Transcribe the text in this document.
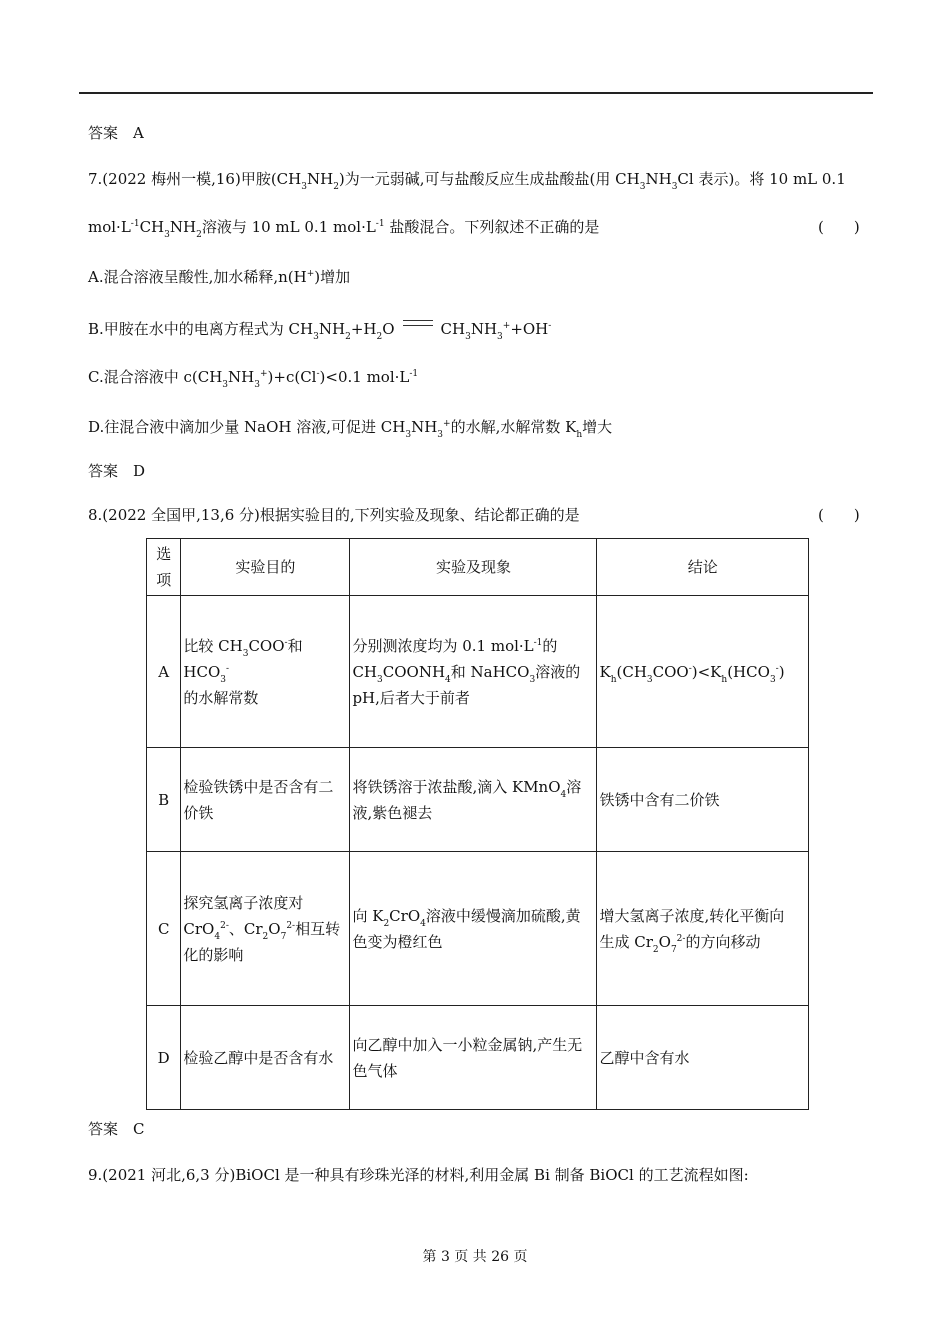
答案　A
7.(2022 梅州一模,16)甲胺$(CH_3NH_2)$为一元弱碱,可与盐酸反应生成盐酸盐(用 $CH_3NH_3Cl$ 表示)。将 10 mL 0.1
$mol\cdot L^{-1}CH_3NH_2$溶液与 10 mL 0.1 $mol\cdot L^{-1}$ 盐酸混合。下列叙述不正确的是	(　　)
A.混合溶液呈酸性,加水稀释,n(H+)增加
B.甲胺在水中的电离方程式为 $CH_3NH_2+H_2O$	$CH_3NH_3^++OH^-$
C.混合溶液中 $c(CH_3NH_3^+)+c(Cl^-)<0.1$ $mol\cdot L^{-1}$
D.往混合液中滴加少量 NaOH 溶液,可促进 $CH_3NH_3^+$的水解,水解常数 $K_h$增大
答案　D
8.(2022 全国甲,13,6 分)根据实验目的,下列实验及现象、结论都正确的是	(　　)
选项	实验目的	实验及现象	结论
A	比较 $CH_3COO^-$和 $HCO_3^-$
的水解常数	分别测浓度均为 0.1 $mol\cdot L^{-1}$的
$CH_3COONH_4$和 NaHCO$_3$溶液的
pH,后者大于前者	$K_h(CH_3COO^-)<K_h(HCO_3^-)$
B	检验铁锈中是否含有二
价铁	将铁锈溶于浓盐酸,滴入 KMnO$_4$溶
液,紫色褪去	铁锈中含有二价铁
C	探究氢离子浓度对
CrO$_4^{2-}$、$Cr_2O_7^{2-}$相互转
化的影响	向 $K_2CrO_4$溶液中缓慢滴加硫酸,黄
色变为橙红色	增大氢离子浓度,转化平衡向
生成 $Cr_2O_7^{2-}$的方向移动
D	检验乙醇中是否含有水	向乙醇中加入一小粒金属钠,产生无
色气体	乙醇中含有水
答案　C
9.(2021 河北,6,3 分)BiOCl 是一种具有珍珠光泽的材料,利用金属 Bi 制备 BiOCl 的工艺流程如图:
第 3 页 共 26 页
